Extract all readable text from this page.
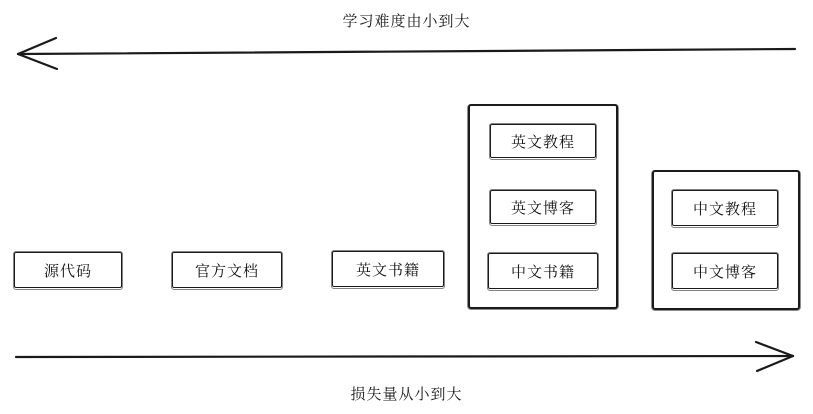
学习难度由小到大
源代码	官方文档	英文书籍
英文教程
英文博客
中文书籍
中文教程
中文博客
损失量从小到大
